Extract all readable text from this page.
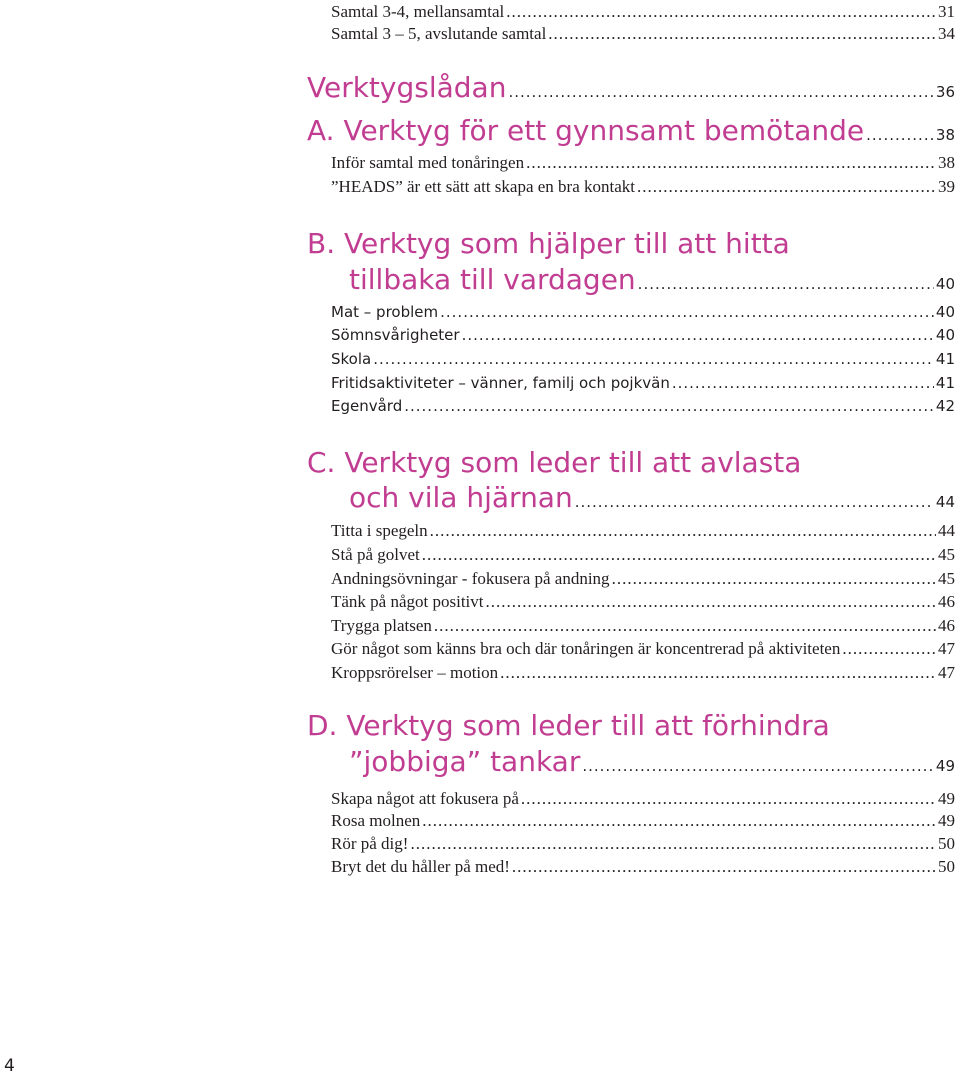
Samtal 3-4, mellansamtal .....	31
Samtal 3 – 5, avslutande samtal .....	34
Verktygslådan .....	36
A. Verktyg för ett gynnsamt bemötande .....	38
Inför samtal med tonåringen .....	38
”HEADS” är ett sätt att skapa en bra kontakt .....	39
B. Verktyg som hjälper till att hitta
tillbaka till vardagen .....	40
Mat – problem .....	40
Sömnsvårigheter .....	40
Skola .....	41
Fritidsaktiviteter – vänner, familj och pojkvän .....	41
Egenvård .....	42
C. Verktyg som leder till att avlasta
och vila hjärnan .....	44
Titta i spegeln .....	44
Stå på golvet .....	45
Andningsövningar - fokusera på andning .....	45
Tänk på något positivt .....	46
Trygga platsen .....	46
Gör något som känns bra och där tonåringen är koncentrerad på aktiviteten .....	47
Kroppsrörelser – motion .....	47
D. Verktyg som leder till att förhindra
”jobbiga” tankar .....	49
Skapa något att fokusera på .....	49
Rosa molnen .....	49
Rör på dig! .....	50
Bryt det du håller på med! .....	50
4
